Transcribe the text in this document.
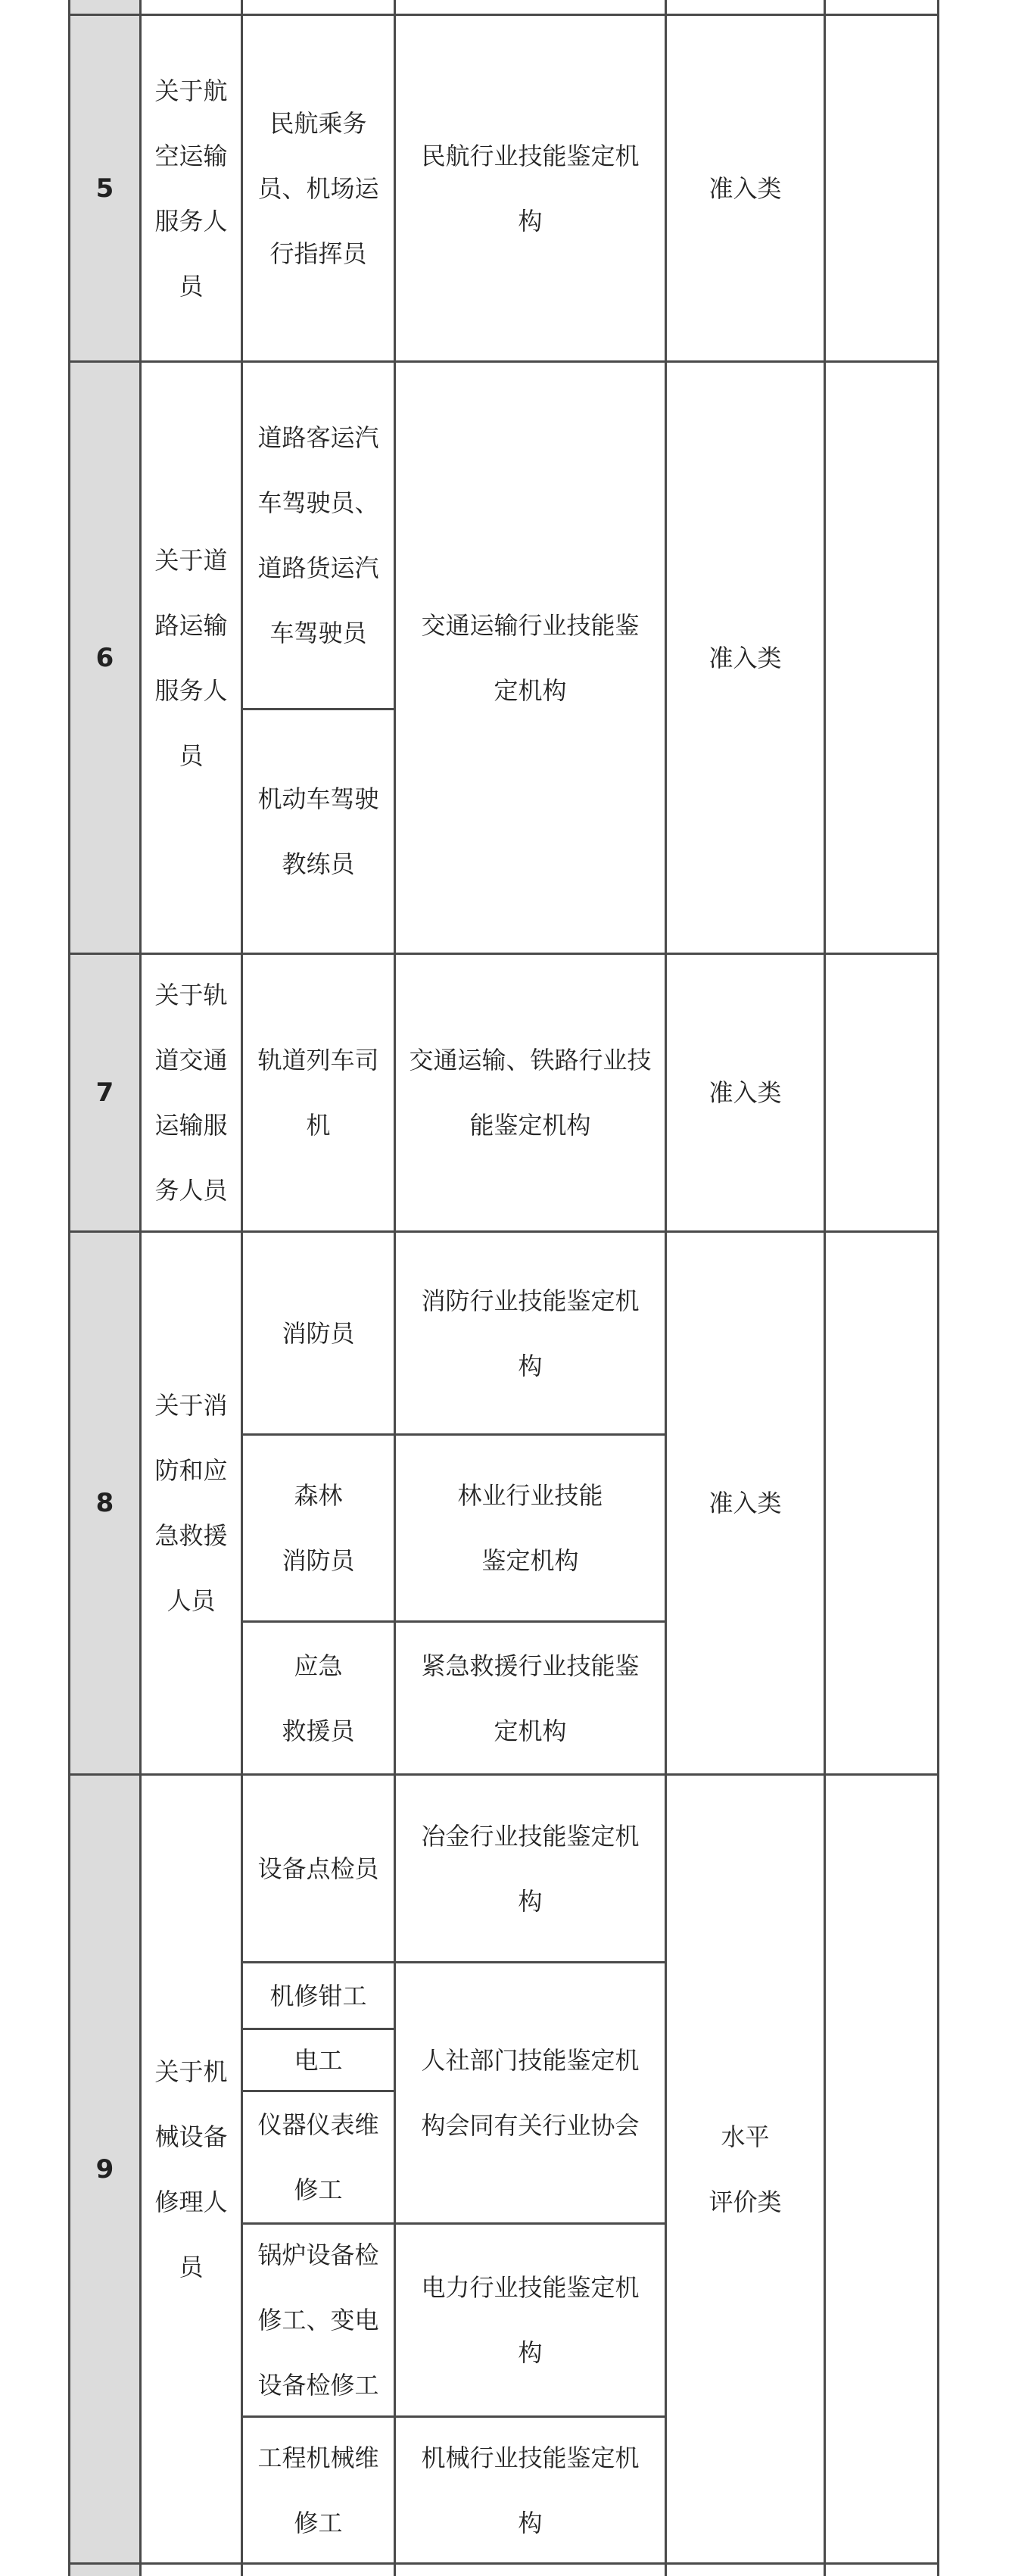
5
关于航
空运输
服务人
员
民航乘务
员、机场运
行指挥员
民航行业技能鉴定机
构
准入类
6
关于道
路运输
服务人
员
道路客运汽
车驾驶员、
道路货运汽
车驾驶员
机动车驾驶
教练员
交通运输行业技能鉴
定机构
准入类
7
关于轨
道交通
运输服
务人员
轨道列车司
机
交通运输、铁路行业技
能鉴定机构
准入类
8
关于消
防和应
急救援
人员
消防员
森林
消防员
应急
救援员
消防行业技能鉴定机
构
林业行业技能
鉴定机构
紧急救援行业技能鉴
定机构
准入类
9
关于机
械设备
修理人
员
设备点检员
机修钳工
电工
仪器仪表维
修工
锅炉设备检
修工、变电
设备检修工
工程机械维
修工
冶金行业技能鉴定机
构
人社部门技能鉴定机
构会同有关行业协会
电力行业技能鉴定机
构
机械行业技能鉴定机
构
水平
评价类
